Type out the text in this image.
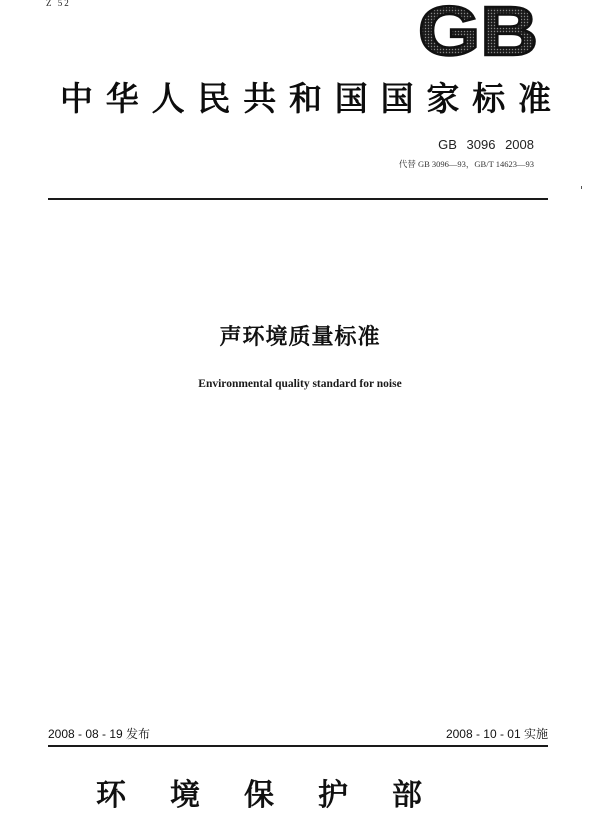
Z 52	GB
中华人民共和国国家标准
GB 3096 2008
代替 GB 3096—93，GB/T 14623—93
声环境质量标准
Environmental quality standard for noise
2008 - 08 - 19 发布	2008 - 10 - 01 实施
环境保护部
